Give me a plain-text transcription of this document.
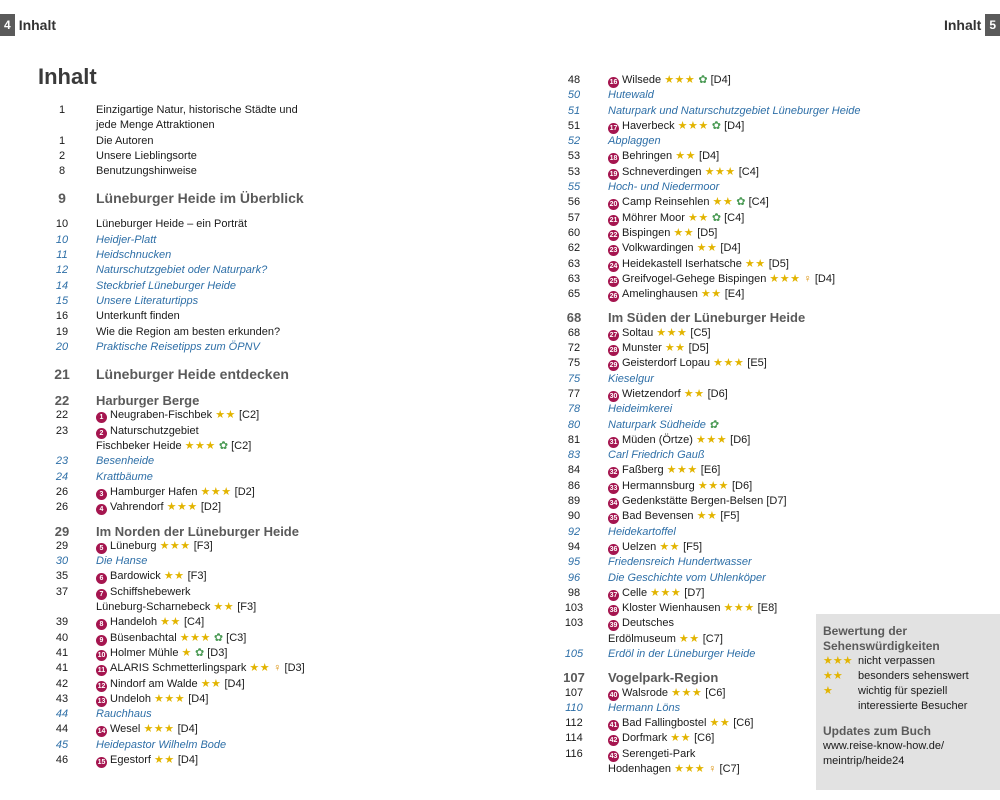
4 Inhalt	Inhalt 5
Inhalt
1	Einzigartige Natur, historische Städte und
jede Menge Attraktionen
1	Die Autoren
2	Unsere Lieblingsorte
8	Benutzungshinweise
9	Lüneburger Heide im Überblick
10	Lüneburger Heide – ein Porträt
10	Heidjer-Platt
11	Heidschnucken
12	Naturschutzgebiet oder Naturpark?
14	Steckbrief Lüneburger Heide
15	Unsere Literaturtipps
16	Unterkunft finden
19	Wie die Region am besten erkunden?
20	Praktische Reisetipps zum ÖPNV
21	Lüneburger Heide entdecken
22	Harburger Berge
22	1 Neugraben-Fischbek ★★ [C2]
23	2 Naturschutzgebiet
Fischbeker Heide ★★★ ✿ [C2]
23	Besenheide
24	Krattbäume
26	3 Hamburger Hafen ★★★ [D2]
26	4 Vahrendorf ★★★ [D2]
29	Im Norden der Lüneburger Heide
29	5 Lüneburg ★★★ [F3]
30	Die Hanse
35	6 Bardowick ★★ [F3]
37	7 Schiffshebewerk
Lüneburg-Scharnebeck ★★ [F3]
39	8 Handeloh ★★ [C4]
40	9 Büsenbachtal ★★★ ✿ [C3]
41	10 Holmer Mühle ★ ✿ [D3]
41	11 ALARIS Schmetterlingspark ★★ ♀ [D3]
42	12 Nindorf am Walde ★★ [D4]
43	13 Undeloh ★★★ [D4]
44	Rauchhaus
44	14 Wesel ★★★ [D4]
45	Heidepastor Wilhelm Bode
46	15 Egestorf ★★ [D4]
48	16 Wilsede ★★★ ✿ [D4]
50	Hutewald
51	Naturpark und Naturschutzgebiet Lüneburger Heide
51	17 Haverbeck ★★★ ✿ [D4]
52	Abplaggen
53	18 Behringen ★★ [D4]
53	19 Schneverdingen ★★★ [C4]
55	Hoch- und Niedermoor
56	20 Camp Reinsehlen ★★ ✿ [C4]
57	21 Möhrer Moor ★★ ✿ [C4]
60	22 Bispingen ★★ [D5]
62	23 Volkwardingen ★★ [D4]
63	24 Heidekastell Iserhatsche ★★ [D5]
63	25 Greifvogel-Gehege Bispingen ★★★ ♀ [D4]
65	26 Amelinghausen ★★ [E4]
68	Im Süden der Lüneburger Heide
68	27 Soltau ★★★ [C5]
72	28 Munster ★★ [D5]
75	29 Geisterdorf Lopau ★★★ [E5]
75	Kieselgur
77	30 Wietzendorf ★★ [D6]
78	Heideimkerei
80	Naturpark Südheide ✿
81	31 Müden (Örtze) ★★★ [D6]
83	Carl Friedrich Gauß
84	32 Faßberg ★★★ [E6]
86	33 Hermannsburg ★★★ [D6]
89	34 Gedenkstätte Bergen-Belsen [D7]
90	35 Bad Bevensen ★★ [F5]
92	Heidekartoffel
94	36 Uelzen ★★ [F5]
95	Friedensreich Hundertwasser
96	Die Geschichte vom Uhlenköper
98	37 Celle ★★★ [D7]
103	38 Kloster Wienhausen ★★★ [E8]
103	39 Deutsches
Erdölmuseum ★★ [C7]
105	Erdöl in der Lüneburger Heide
107 Vogelpark-Region
107	40 Walsrode ★★★ [C6]
110	Hermann Löns
112	41 Bad Fallingbostel ★★ [C6]
114	42 Dorfmark ★★ [C6]
116	43 Serengeti-Park
Hodenhagen ★★★ ♀ [C7]
Bewertung der
Sehenswürdigkeiten
★★★ nicht verpassen
★★ besonders sehenswert
★ wichtig für speziell
interessierte Besucher
Updates zum Buch
www.reise-know-how.de/
meintrip/heide24
